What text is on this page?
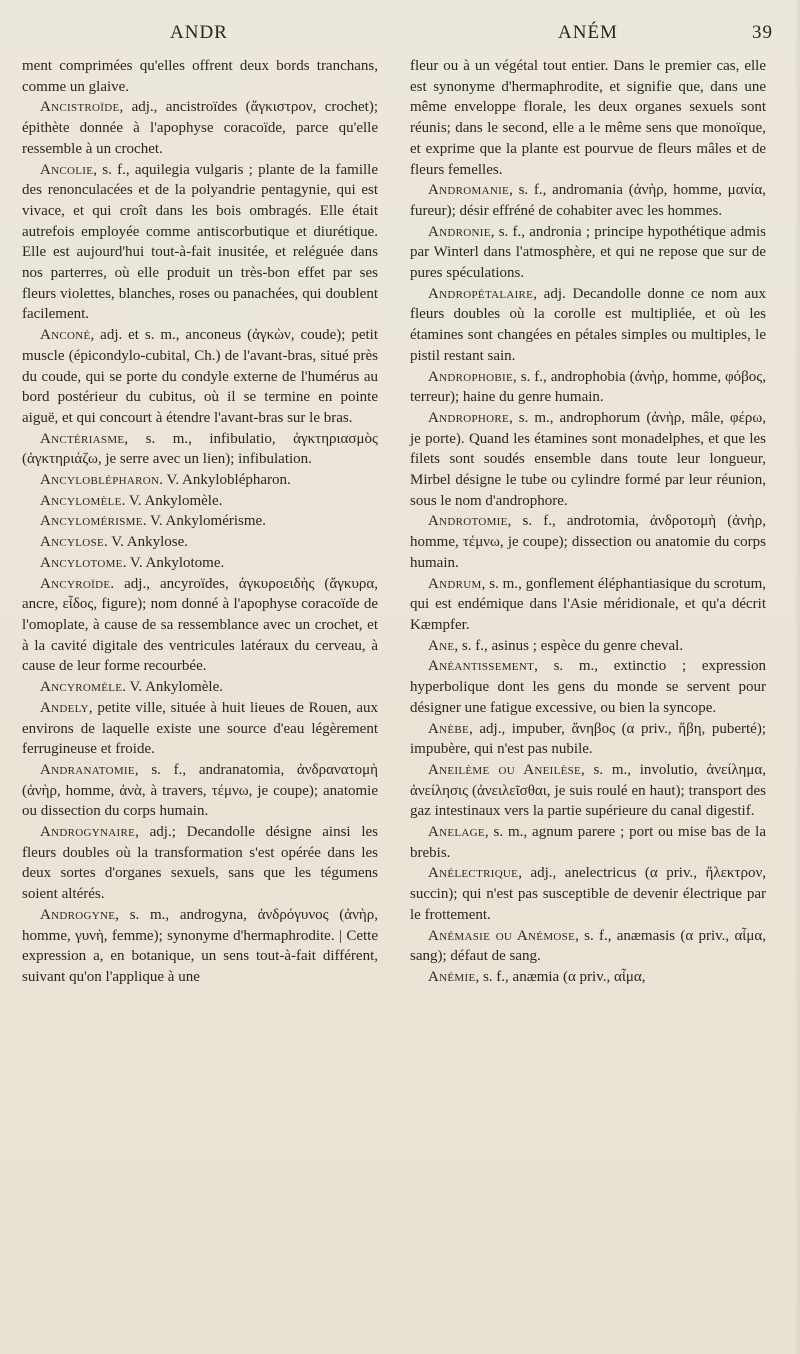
ANDR	ANÉM	39

ment comprimées qu'elles offrent deux bords tranchans, comme un glaive.

Ancistroïde, adj., ancistroïdes (ἄγκιστρον, crochet); épithète donnée à l'apophyse coracoïde, parce qu'elle ressemble à un crochet.

Ancolie, s. f., aquilegia vulgaris ; plante de la famille des renonculacées et de la polyandrie pentagynie, qui est vivace, et qui croît dans les bois ombragés. Elle était autrefois employée comme antiscorbutique et diurétique. Elle est aujourd'hui tout-à-fait inusitée, et reléguée dans nos parterres, où elle produit un très-bon effet par ses fleurs violettes, blanches, roses ou panachées, qui doublent facilement.

Anconé, adj. et s. m., anconeus (ἀγκὼν, coude); petit muscle (épicondylo-cubital, Ch.) de l'avant-bras, situé près du coude, qui se porte du condyle externe de l'humérus au bord postérieur du cubitus, où il se termine en pointe aiguë, et qui concourt à étendre l'avant-bras sur le bras.

Anctériasme, s. m., infibulatio, ἀγκτηριασμὸς (ἀγκτηριάζω, je serre avec un lien); infibulation.

Ancyloblépharon. V. Ankyloblépharon.

Ancylomèle. V. Ankylomèle.

Ancylomérisme. V. Ankylomérisme.

Ancylose. V. Ankylose.

Ancylotome. V. Ankylotome.

Ancyroïde. adj., ancyroïdes, ἀγκυροειδὴς (ἄγκυρα, ancre, εἶδος, figure); nom donné à l'apophyse coracoïde de l'omoplate, à cause de sa ressemblance avec un crochet, et à la cavité digitale des ventricules latéraux du cerveau, à cause de leur forme recourbée.

Ancyromèle. V. Ankylomèle.

Andely, petite ville, située à huit lieues de Rouen, aux environs de laquelle existe une source d'eau légèrement ferrugineuse et froide.

Andranatomie, s. f., andranatomia, ἀνδρανατομὴ (ἀνὴρ, homme, ἀνὰ, à travers, τέμνω, je coupe); anatomie ou dissection du corps humain.

Androgynaire, adj.; Decandolle désigne ainsi les fleurs doubles où la transformation s'est opérée dans les deux sortes d'organes sexuels, sans que les tégumens soient altérés.

Androgyne, s. m., androgyna, ἀνδρόγυνος (ἀνὴρ, homme, γυνὴ, femme); synonyme d'hermaphrodite. | Cette expression a, en botanique, un sens tout-à-fait différent, suivant qu'on l'applique à une

fleur ou à un végétal tout entier. Dans le premier cas, elle est synonyme d'hermaphrodite, et signifie que, dans une même enveloppe florale, les deux organes sexuels sont réunis; dans le second, elle a le même sens que monoïque, et exprime que la plante est pourvue de fleurs mâles et de fleurs femelles.

Andromanie, s. f., andromania (ἀνὴρ, homme, μανία, fureur); désir effréné de cohabiter avec les hommes.

Andronie, s. f., andronia ; principe hypothétique admis par Winterl dans l'atmosphère, et qui ne repose que sur de pures spéculations.

Andropétalaire, adj. Decandolle donne ce nom aux fleurs doubles où la corolle est multipliée, et où les étamines sont changées en pétales simples ou multiples, le pistil restant sain.

Androphobie, s. f., androphobia (ἀνὴρ, homme, φόβος, terreur); haine du genre humain.

Androphore, s. m., androphorum (ἀνὴρ, mâle, φέρω, je porte). Quand les étamines sont monadelphes, et que les filets sont soudés ensemble dans toute leur longueur, Mirbel désigne le tube ou cylindre formé par leur réunion, sous le nom d'androphore.

Androtomie, s. f., androtomia, ἀνδροτομὴ (ἀνὴρ, homme, τέμνω, je coupe); dissection ou anatomie du corps humain.

Andrum, s. m., gonflement éléphantiasique du scrotum, qui est endémique dans l'Asie méridionale, et qu'a décrit Kæmpfer.

Ane, s. f., asinus ; espèce du genre cheval.

Anéantissement, s. m., extinctio ; expression hyperbolique dont les gens du monde se servent pour désigner une fatigue excessive, ou bien la syncope.

Anèbe, adj., impuber, ἄνηβος (α priv., ἥβη, puberté); impubère, qui n'est pas nubile.

Aneilème ou Aneilèse, s. m., involutio, ἀνείλημα, ἀνείλησις (ἀνειλεῖσθαι, je suis roulé en haut); transport des gaz intestinaux vers la partie supérieure du canal digestif.

Anelage, s. m., agnum parere ; port ou mise bas de la brebis.

Anélectrique, adj., anelectricus (α priv., ἤλεκτρον, succin); qui n'est pas susceptible de devenir électrique par le frottement.

Anémasie ou Anémose, s. f., anæmasis (α priv., αἷμα, sang); défaut de sang.

Anémie, s. f., anæmia (α priv., αἷμα,
